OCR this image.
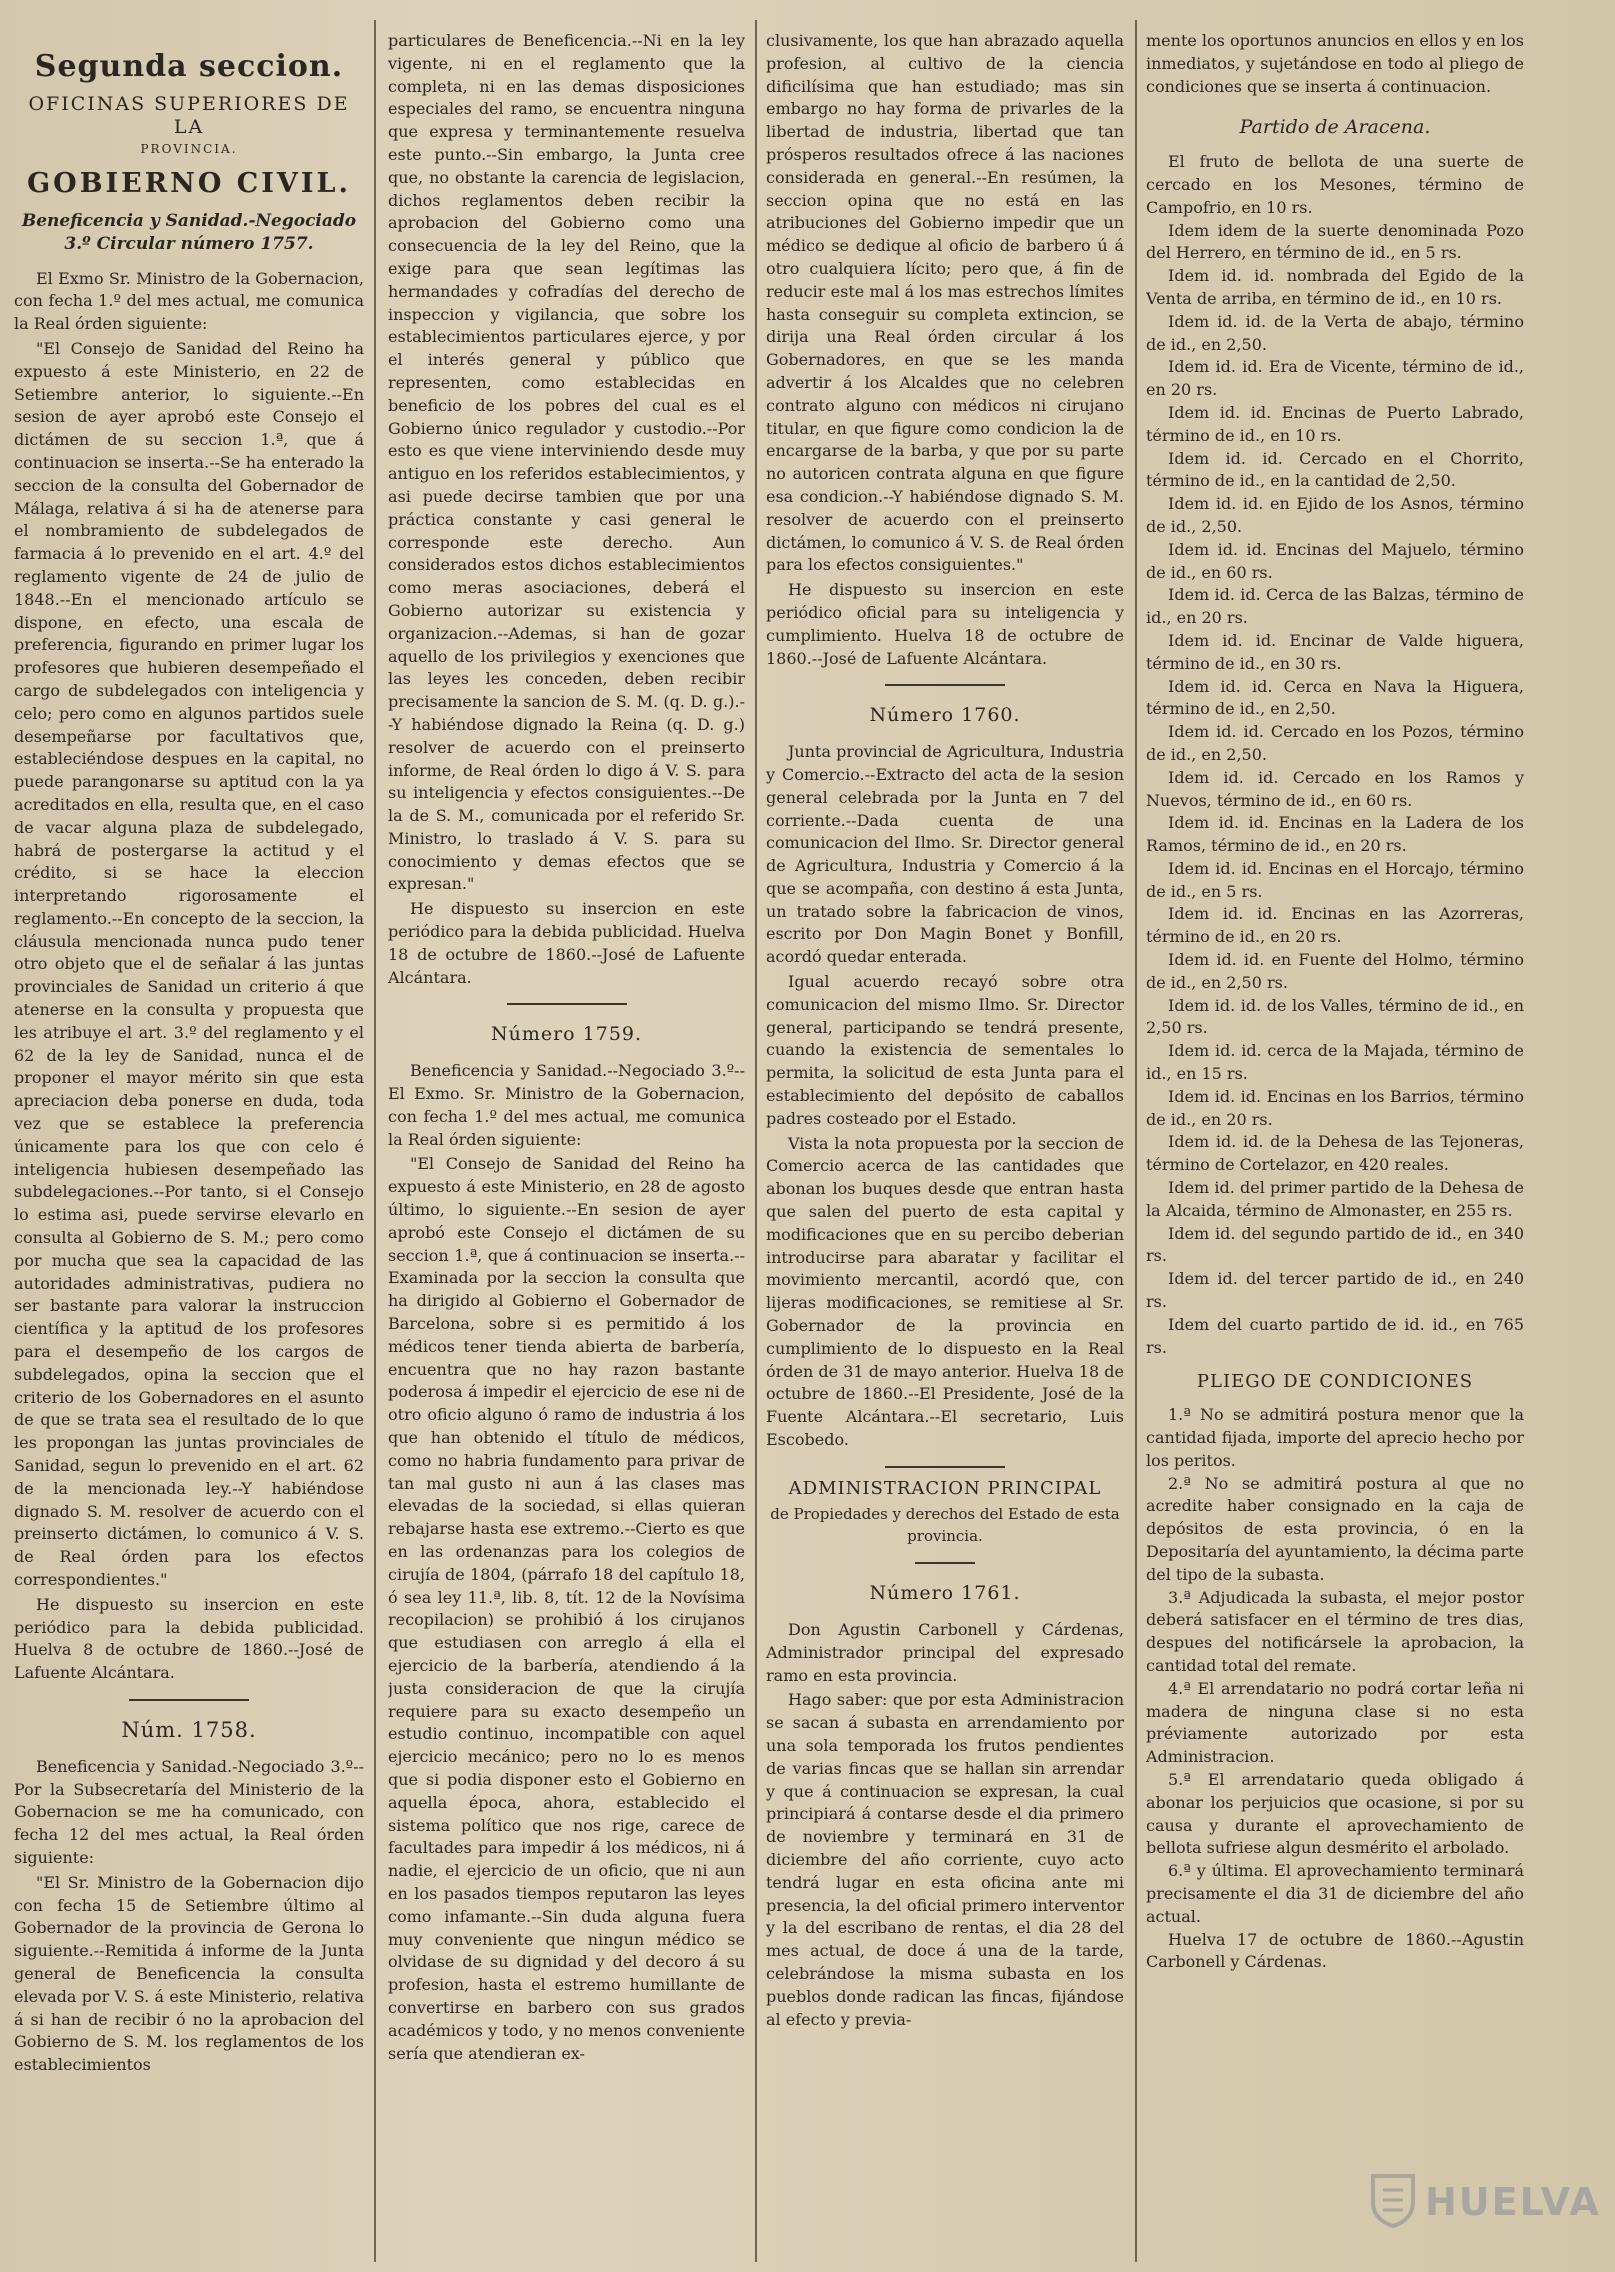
Segunda seccion.
OFICINAS SUPERIORES DE LA
PROVINCIA.
GOBIERNO CIVIL.
Beneficencia y Sanidad.-Negociado 3.º Circular número 1757.

El Exmo Sr. Ministro de la Gobernacion, con fecha 1.º del mes actual, me comunica la Real órden siguiente:

"El Consejo de Sanidad del Reino ha expuesto á este Ministerio, en 22 de Setiembre anterior, lo siguiente.--En sesion de ayer aprobó este Consejo el dictámen de su seccion 1.ª, que á continuacion se inserta.--Se ha enterado la seccion de la consulta del Gobernador de Málaga, relativa á si ha de atenerse para el nombramiento de subdelegados de farmacia á lo prevenido en el art. 4.º del reglamento vigente de 24 de julio de 1848.--En el mencionado artículo se dispone, en efecto, una escala de preferencia, figurando en primer lugar los profesores que hubieren desempeñado el cargo de subdelegados con inteligencia y celo; pero como en algunos partidos suele desempeñarse por facultativos que, estableciéndose despues en la capital, no puede parangonarse su aptitud con la ya acreditados en ella, resulta que, en el caso de vacar alguna plaza de subdelegado, habrá de postergarse la actitud y el crédito, si se hace la eleccion interpretando rigorosamente el reglamento.--En concepto de la seccion, la cláusula mencionada nunca pudo tener otro objeto que el de señalar á las juntas provinciales de Sanidad un criterio á que atenerse en la consulta y propuesta que les atribuye el art. 3.º del reglamento y el 62 de la ley de Sanidad, nunca el de proponer el mayor mérito sin que esta apreciacion deba ponerse en duda, toda vez que se establece la preferencia únicamente para los que con celo é inteligencia hubiesen desempeñado las subdelegaciones.--Por tanto, si el Consejo lo estima asi, puede servirse elevarlo en consulta al Gobierno de S. M.; pero como por mucha que sea la capacidad de las autoridades administrativas, pudiera no ser bastante para valorar la instruccion científica y la aptitud de los profesores para el desempeño de los cargos de subdelegados, opina la seccion que el criterio de los Gobernadores en el asunto de que se trata sea el resultado de lo que les propongan las juntas provinciales de Sanidad, segun lo prevenido en el art. 62 de la mencionada ley.--Y habiéndose dignado S. M. resolver de acuerdo con el preinserto dictámen, lo comunico á V. S. de Real órden para los efectos correspondientes."

He dispuesto su insercion en este periódico para la debida publicidad. Huelva 8 de octubre de 1860.--José de Lafuente Alcántara.

Núm. 1758.

Beneficencia y Sanidad.-Negociado 3.º--Por la Subsecretaría del Ministerio de la Gobernacion se me ha comunicado, con fecha 12 del mes actual, la Real órden siguiente:

"El Sr. Ministro de la Gobernacion dijo con fecha 15 de Setiembre último al Gobernador de la provincia de Gerona lo siguiente.--Remitida á informe de la Junta general de Beneficencia la consulta elevada por V. S. á este Ministerio, relativa á si han de recibir ó no la aprobacion del Gobierno de S. M. los reglamentos de los establecimientos

particulares de Beneficencia.--Ni en la ley vigente, ni en el reglamento que la completa, ni en las demas disposiciones especiales del ramo, se encuentra ninguna que expresa y terminantemente resuelva este punto.--Sin embargo, la Junta cree que, no obstante la carencia de legislacion, dichos reglamentos deben recibir la aprobacion del Gobierno como una consecuencia de la ley del Reino, que la exige para que sean legítimas las hermandades y cofradías del derecho de inspeccion y vigilancia, que sobre los establecimientos particulares ejerce, y por el interés general y público que representen, como establecidas en beneficio de los pobres del cual es el Gobierno único regulador y custodio.--Por esto es que viene interviniendo desde muy antiguo en los referidos establecimientos, y asi puede decirse tambien que por una práctica constante y casi general le corresponde este derecho. Aun considerados estos dichos establecimientos como meras asociaciones, deberá el Gobierno autorizar su existencia y organizacion.--Ademas, si han de gozar aquello de los privilegios y exenciones que las leyes les conceden, deben recibir precisamente la sancion de S. M. (q. D. g.).--Y habiéndose dignado la Reina (q. D. g.) resolver de acuerdo con el preinserto informe, de Real órden lo digo á V. S. para su inteligencia y efectos consiguientes.--De la de S. M., comunicada por el referido Sr. Ministro, lo traslado á V. S. para su conocimiento y demas efectos que se expresan."

He dispuesto su insercion en este periódico para la debida publicidad. Huelva 18 de octubre de 1860.--José de Lafuente Alcántara.

Número 1759.

Beneficencia y Sanidad.--Negociado 3.º--El Exmo. Sr. Ministro de la Gobernacion, con fecha 1.º del mes actual, me comunica la Real órden siguiente:

"El Consejo de Sanidad del Reino ha expuesto á este Ministerio, en 28 de agosto último, lo siguiente.--En sesion de ayer aprobó este Consejo el dictámen de su seccion 1.ª, que á continuacion se inserta.--Examinada por la seccion la consulta que ha dirigido al Gobierno el Gobernador de Barcelona, sobre si es permitido á los médicos tener tienda abierta de barbería, encuentra que no hay razon bastante poderosa á impedir el ejercicio de ese ni de otro oficio alguno ó ramo de industria á los que han obtenido el título de médicos, como no habria fundamento para privar de tan mal gusto ni aun á las clases mas elevadas de la sociedad, si ellas quieran rebajarse hasta ese extremo.--Cierto es que en las ordenanzas para los colegios de cirujía de 1804, (párrafo 18 del capítulo 18, ó sea ley 11.ª, lib. 8, tít. 12 de la Novísima recopilacion) se prohibió á los cirujanos que estudiasen con arreglo á ella el ejercicio de la barbería, atendiendo á la justa consideracion de que la cirujía requiere para su exacto desempeño un estudio continuo, incompatible con aquel ejercicio mecánico; pero no lo es menos que si podia disponer esto el Gobierno en aquella época, ahora, establecido el sistema político que nos rige, carece de facultades para impedir á los médicos, ni á nadie, el ejercicio de un oficio, que ni aun en los pasados tiempos reputaron las leyes como infamante.--Sin duda alguna fuera muy conveniente que ningun médico se olvidase de su dignidad y del decoro á su profesion, hasta el estremo humillante de convertirse en barbero con sus grados académicos y todo, y no menos conveniente sería que atendieran ex-

clusivamente, los que han abrazado aquella profesion, al cultivo de la ciencia dificilísima que han estudiado; mas sin embargo no hay forma de privarles de la libertad de industria, libertad que tan prósperos resultados ofrece á las naciones considerada en general.--En resúmen, la seccion opina que no está en las atribuciones del Gobierno impedir que un médico se dedique al oficio de barbero ú á otro cualquiera lícito; pero que, á fin de reducir este mal á los mas estrechos límites hasta conseguir su completa extincion, se dirija una Real órden circular á los Gobernadores, en que se les manda advertir á los Alcaldes que no celebren contrato alguno con médicos ni cirujano titular, en que figure como condicion la de encargarse de la barba, y que por su parte no autoricen contrata alguna en que figure esa condicion.--Y habiéndose dignado S. M. resolver de acuerdo con el preinserto dictámen, lo comunico á V. S. de Real órden para los efectos consiguientes."

He dispuesto su insercion en este periódico oficial para su inteligencia y cumplimiento. Huelva 18 de octubre de 1860.--José de Lafuente Alcántara.

Número 1760.

Junta provincial de Agricultura, Industria y Comercio.--Extracto del acta de la sesion general celebrada por la Junta en 7 del corriente.--Dada cuenta de una comunicacion del Ilmo. Sr. Director general de Agricultura, Industria y Comercio á la que se acompaña, con destino á esta Junta, un tratado sobre la fabricacion de vinos, escrito por Don Magin Bonet y Bonfill, acordó quedar enterada.

Igual acuerdo recayó sobre otra comunicacion del mismo Ilmo. Sr. Director general, participando se tendrá presente, cuando la existencia de sementales lo permita, la solicitud de esta Junta para el establecimiento del depósito de caballos padres costeado por el Estado.

Vista la nota propuesta por la seccion de Comercio acerca de las cantidades que abonan los buques desde que entran hasta que salen del puerto de esta capital y modificaciones que en su percibo deberian introducirse para abaratar y facilitar el movimiento mercantil, acordó que, con lijeras modificaciones, se remitiese al Sr. Gobernador de la provincia en cumplimiento de lo dispuesto en la Real órden de 31 de mayo anterior. Huelva 18 de octubre de 1860.--El Presidente, José de la Fuente Alcántara.--El secretario, Luis Escobedo.

ADMINISTRACION PRINCIPAL
de Propiedades y derechos del Estado de esta provincia.
Número 1761.

Don Agustin Carbonell y Cárdenas, Administrador principal del expresado ramo en esta provincia.

Hago saber: que por esta Administracion se sacan á subasta en arrendamiento por una sola temporada los frutos pendientes de varias fincas que se hallan sin arrendar y que á continuacion se expresan, la cual principiará á contarse desde el dia primero de noviembre y terminará en 31 de diciembre del año corriente, cuyo acto tendrá lugar en esta oficina ante mi presencia, la del oficial primero interventor y la del escribano de rentas, el dia 28 del mes actual, de doce á una de la tarde, celebrándose la misma subasta en los pueblos donde radican las fincas, fijándose al efecto y previa-

mente los oportunos anuncios en ellos y en los inmediatos, y sujetándose en todo al pliego de condiciones que se inserta á continuacion.

Partido de Aracena.

El fruto de bellota de una suerte de cercado en los Mesones, término de Campofrio, en 10 rs.

Idem idem de la suerte denominada Pozo del Herrero, en término de id., en 5 rs.

Idem id. id. nombrada del Egido de la Venta de arriba, en término de id., en 10 rs.

Idem id. id. de la Verta de abajo, término de id., en 2,50.

Idem id. id. Era de Vicente, término de id., en 20 rs.

Idem id. id. Encinas de Puerto Labrado, término de id., en 10 rs.

Idem id. id. Cercado en el Chorrito, término de id., en la cantidad de 2,50.

Idem id. id. en Ejido de los Asnos, término de id., 2,50.

Idem id. id. Encinas del Majuelo, término de id., en 60 rs.

Idem id. id. Cerca de las Balzas, término de id., en 20 rs.

Idem id. id. Encinar de Valde higuera, término de id., en 30 rs.

Idem id. id. Cerca en Nava la Higuera, término de id., en 2,50.

Idem id. id. Cercado en los Pozos, término de id., en 2,50.

Idem id. id. Cercado en los Ramos y Nuevos, término de id., en 60 rs.

Idem id. id. Encinas en la Ladera de los Ramos, término de id., en 20 rs.

Idem id. id. Encinas en el Horcajo, término de id., en 5 rs.

Idem id. id. Encinas en las Azorreras, término de id., en 20 rs.

Idem id. id. en Fuente del Holmo, término de id., en 2,50 rs.

Idem id. id. de los Valles, término de id., en 2,50 rs.

Idem id. id. cerca de la Majada, término de id., en 15 rs.

Idem id. id. Encinas en los Barrios, término de id., en 20 rs.

Idem id. id. de la Dehesa de las Tejoneras, término de Cortelazor, en 420 reales.

Idem id. del primer partido de la Dehesa de la Alcaida, término de Almonaster, en 255 rs.

Idem id. del segundo partido de id., en 340 rs.

Idem id. del tercer partido de id., en 240 rs.

Idem del cuarto partido de id. id., en 765 rs.

PLIEGO DE CONDICIONES

1.ª No se admitirá postura menor que la cantidad fijada, importe del aprecio hecho por los peritos.

2.ª No se admitirá postura al que no acredite haber consignado en la caja de depósitos de esta provincia, ó en la Depositaría del ayuntamiento, la décima parte del tipo de la subasta.

3.ª Adjudicada la subasta, el mejor postor deberá satisfacer en el término de tres dias, despues del notificársele la aprobacion, la cantidad total del remate.

4.ª El arrendatario no podrá cortar leña ni madera de ninguna clase si no esta préviamente autorizado por esta Administracion.

5.ª El arrendatario queda obligado á abonar los perjuicios que ocasione, si por su causa y durante el aprovechamiento de bellota sufriese algun desmérito el arbolado.

6.ª y última. El aprovechamiento terminará precisamente el dia 31 de diciembre del año actual.

Huelva 17 de octubre de 1860.--Agustin Carbonell y Cárdenas.

HUELVA
